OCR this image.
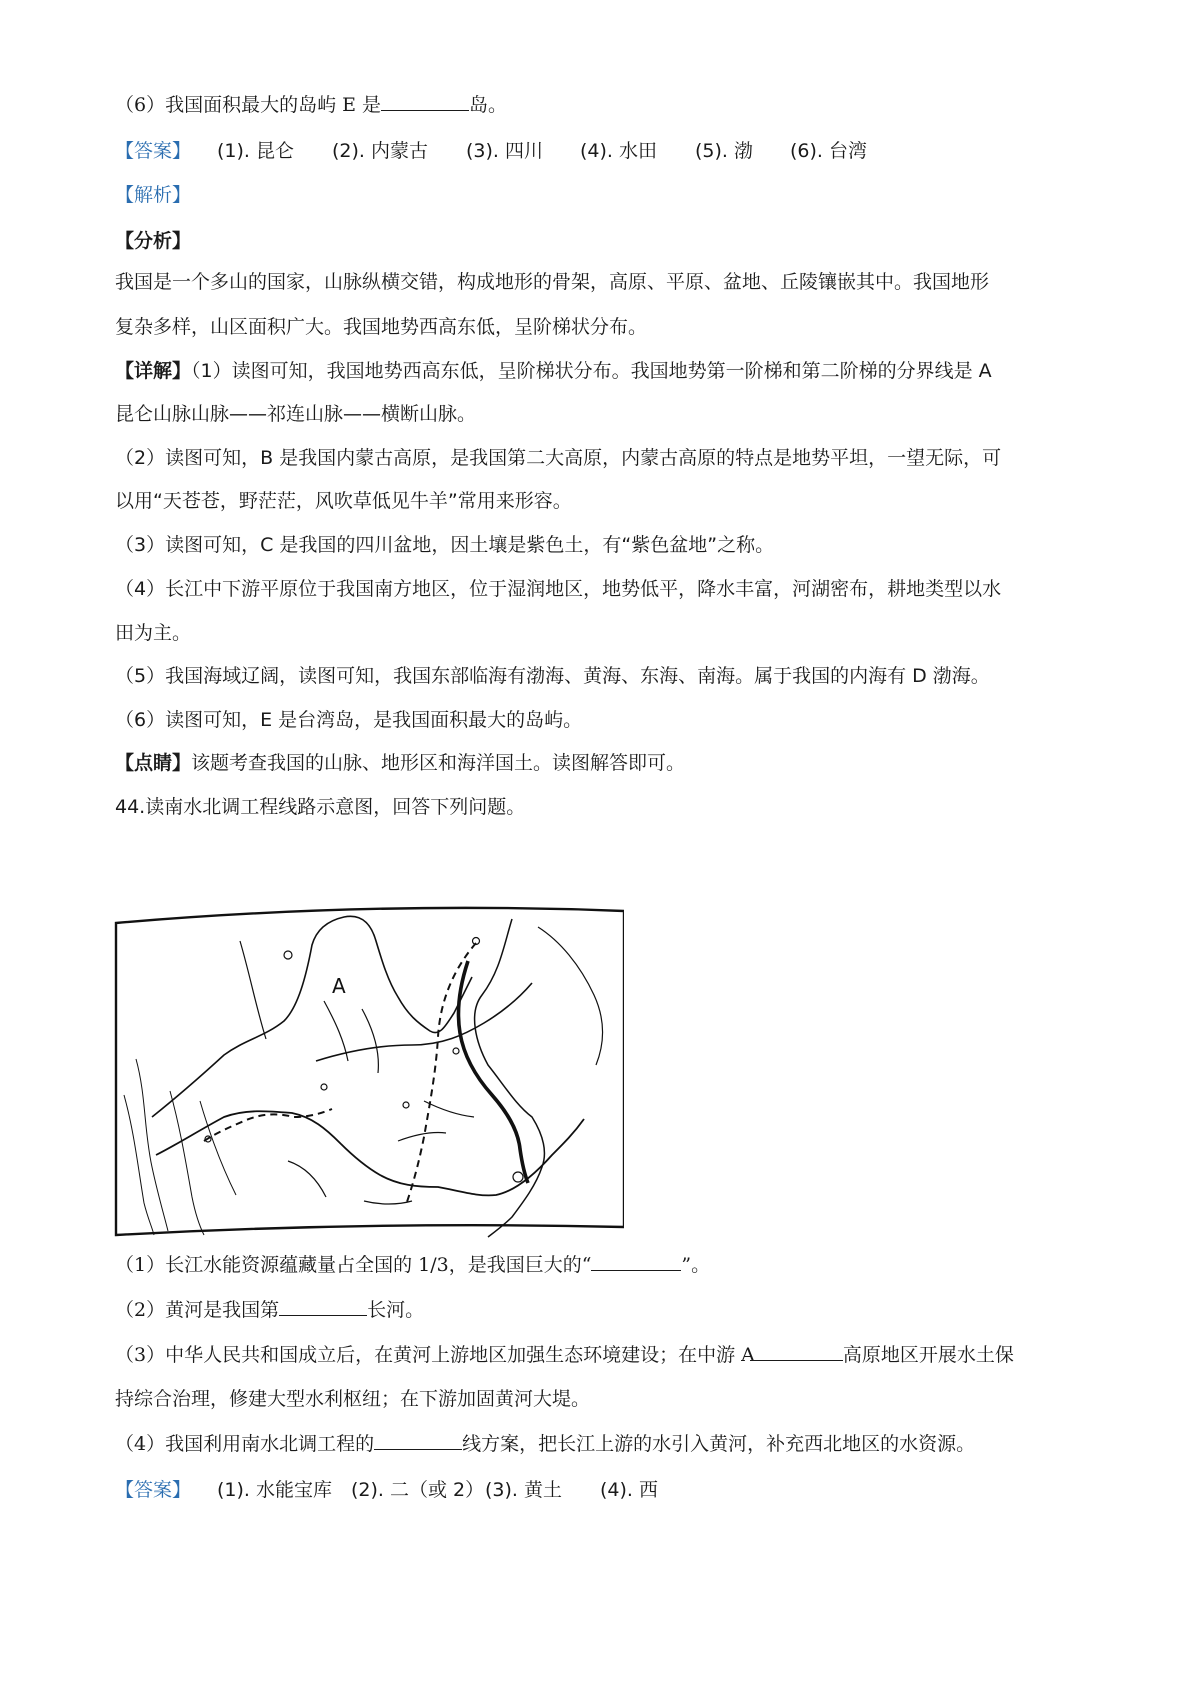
（6）我国面积最大的岛屿 E 是	岛。
【答案】 (1). 昆仑 (2). 内蒙古 (3). 四川 (4). 水田 (5). 渤 (6). 台湾
【解析】
【分析】
我国是一个多山的国家，山脉纵横交错，构成地形的骨架，高原、平原、盆地、丘陵镶嵌其中。我国地形
复杂多样，山区面积广大。我国地势西高东低，呈阶梯状分布。
【详解】（1）读图可知，我国地势西高东低，呈阶梯状分布。我国地势第一阶梯和第二阶梯的分界线是 A
昆仑山脉山脉——祁连山脉——横断山脉。
（2）读图可知，B 是我国内蒙古高原，是我国第二大高原，内蒙古高原的特点是地势平坦，一望无际，可
以用“天苍苍，野茫茫，风吹草低见牛羊”常用来形容。
（3）读图可知，C 是我国的四川盆地，因土壤是紫色土，有“紫色盆地”之称。
（4）长江中下游平原位于我国南方地区，位于湿润地区，地势低平，降水丰富，河湖密布，耕地类型以水
田为主。
（5）我国海域辽阔，读图可知，我国东部临海有渤海、黄海、东海、南海。属于我国的内海有 D 渤海。
（6）读图可知，E 是台湾岛，是我国面积最大的岛屿。
【点睛】该题考查我国的山脉、地形区和海洋国土。读图解答即可。
44.读南水北调工程线路示意图，回答下列问题。
A
（1）长江水能资源蕴藏量占全国的 1/3，是我国巨大的“	”。
（2）黄河是我国第	长河。
（3）中华人民共和国成立后，在黄河上游地区加强生态环境建设；在中游 A	高原地区开展水土保
持综合治理，修建大型水利枢纽；在下游加固黄河大堤。
（4）我国利用南水北调工程的	线方案，把长江上游的水引入黄河，补充西北地区的水资源。
【答案】 (1). 水能宝库 (2). 二（或 2）(3). 黄土 (4). 西
